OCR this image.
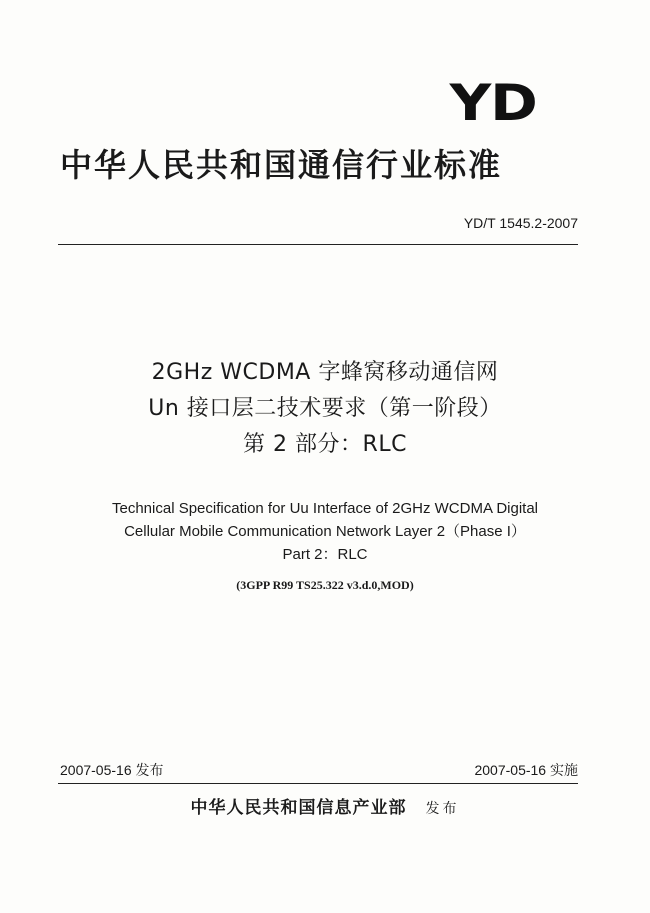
YD
中华人民共和国通信行业标准
YD/T 1545.2-2007
2GHz WCDMA 字蜂窝移动通信网
Un 接口层二技术要求（第一阶段）
第 2 部分：RLC
Technical Specification for Uu Interface of 2GHz WCDMA Digital
Cellular Mobile Communication Network Layer 2（Phase I）
Part 2：RLC
(3GPP R99 TS25.322 v3.d.0,MOD)
2007-05-16 发布	2007-05-16 实施
中华人民共和国信息产业部 发布
